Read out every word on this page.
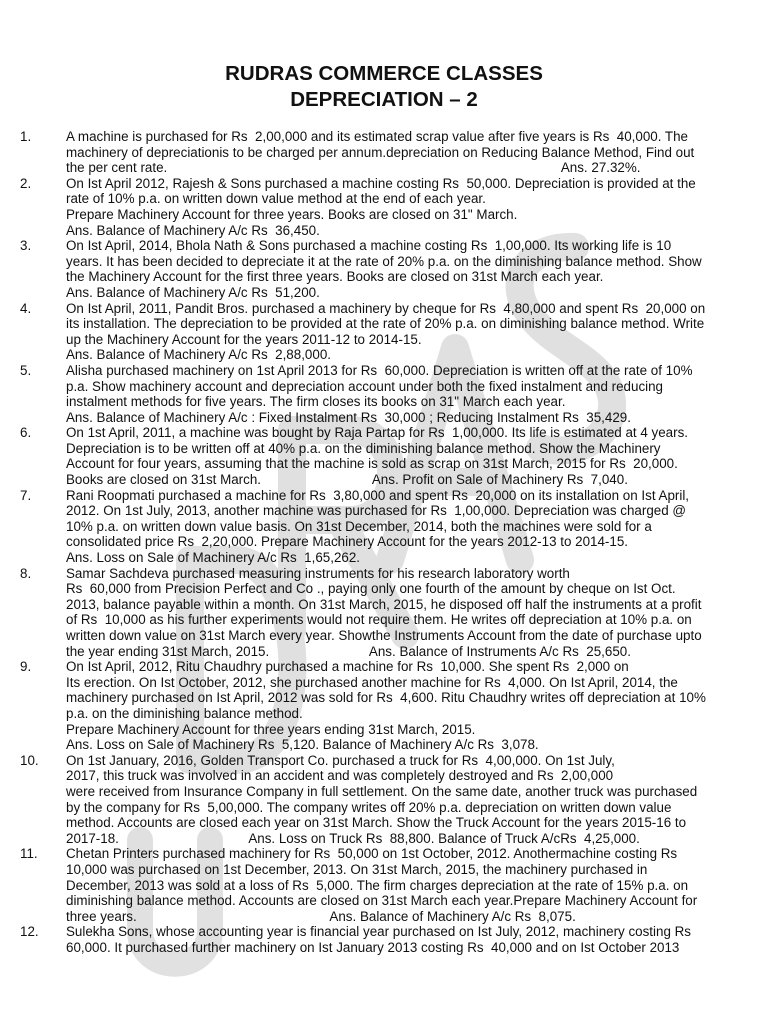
RUDRAS COMMERCE CLASSES
DEPRECIATION – 2
1.	A machine is purchased for Rs  2,00,000 and its estimated scrap value after five years is Rs  40,000. The
machinery of depreciationis to be charged per annum.depreciation on Reducing Balance Method, Find out
the per cent rate.                                                                                                          Ans. 27.32%.
2.	On Ist April 2012, Rajesh & Sons purchased a machine costing Rs  50,000. Depreciation is provided at the
rate of 10% p.a. on written down value method at the end of each year.
Prepare Machinery Account for three years. Books are closed on 31" March.
Ans. Balance of Machinery A/c Rs  36,450.
3.	On Ist April, 2014, Bhola Nath & Sons purchased a machine costing Rs  1,00,000. Its working life is 10
years. It has been decided to depreciate it at the rate of 20% p.a. on the diminishing balance method. Show
the Machinery Account for the first three years. Books are closed on 31st March each year.
Ans. Balance of Machinery A/c Rs  51,200.
4.	On Ist April, 2011, Pandit Bros. purchased a machinery by cheque for Rs  4,80,000 and spent Rs  20,000 on
its installation. The depreciation to be provided at the rate of 20% p.a. on diminishing balance method. Write
up the Machinery Account for the years 2011-12 to 2014-15.
Ans. Balance of Machinery A/c Rs  2,88,000.
5.	Alisha purchased machinery on 1st April 2013 for Rs  60,000. Depreciation is written off at the rate of 10%
p.a. Show machinery account and depreciation account under both the fixed instalment and reducing
instalment methods for five years. The firm closes its books on 31" March each year.
Ans. Balance of Machinery A/c : Fixed Instalment Rs  30,000 ; Reducing Instalment Rs  35,429.
6.	On 1st April, 2011, a machine was bought by Raja Partap for Rs  1,00,000. Its life is estimated at 4 years.
Depreciation is to be written off at 40% p.a. on the diminishing balance method. Show the Machinery
Account for four years, assuming that the machine is sold as scrap on 31st March, 2015 for Rs  20,000.
Books are closed on 31st March.                              Ans. Profit on Sale of Machinery Rs  7,040.
7.	Rani Roopmati purchased a machine for Rs  3,80,000 and spent Rs  20,000 on its installation on Ist April,
2012. On 1st July, 2013, another machine was purchased for Rs  1,00,000. Depreciation was charged @
10% p.a. on written down value basis. On 31st December, 2014, both the machines were sold for a
consolidated price Rs  2,20,000. Prepare Machinery Account for the years 2012-13 to 2014-15.
Ans. Loss on Sale of Machinery A/c Rs  1,65,262.
8.	Samar Sachdeva purchased measuring instruments for his research laboratory worth
Rs  60,000 from Precision Perfect and Co ., paying only one fourth of the amount by cheque on Ist Oct.
2013, balance payable within a month. On 31st March, 2015, he disposed off half the instruments at a profit
of Rs  10,000 as his further experiments would not require them. He writes off depreciation at 10% p.a. on
written down value on 31st March every year. Showthe Instruments Account from the date of purchase upto
the year ending 31st March, 2015.                           Ans. Balance of Instruments A/c Rs  25,650.
9.	On Ist April, 2012, Ritu Chaudhry purchased a machine for Rs  10,000. She spent Rs  2,000 on
Its erection. On Ist October, 2012, she purchased another machine for Rs  4,000. On Ist April, 2014, the
machinery purchased on Ist April, 2012 was sold for Rs  4,600. Ritu Chaudhry writes off depreciation at 10%
p.a. on the diminishing balance method.
Prepare Machinery Account for three years ending 31st March, 2015.
Ans. Loss on Sale of Machinery Rs  5,120. Balance of Machinery A/c Rs  3,078.
10. On 1st January, 2016, Golden Transport Co. purchased a truck for Rs  4,00,000. On 1st July,
2017, this truck was involved in an accident and was completely destroyed and Rs  2,00,000
were received from Insurance Company in full settlement. On the same date, another truck was purchased
by the company for Rs  5,00,000. The company writes off 20% p.a. depreciation on written down value
method. Accounts are closed each year on 31st March. Show the Truck Account for the years 2015-16 to
2017-18.                                   Ans. Loss on Truck Rs  88,800. Balance of Truck A/cRs  4,25,000.
11. Chetan Printers purchased machinery for Rs  50,000 on 1st October, 2012. Anothermachine costing Rs
10,000 was purchased on 1st December, 2013. On 31st March, 2015, the machinery purchased in
December, 2013 was sold at a loss of Rs  5,000. The firm charges depreciation at the rate of 15% p.a. on
diminishing balance method. Accounts are closed on 31st March each year.Prepare Machinery Account for
three years.                                                    Ans. Balance of Machinery A/c Rs  8,075.
12. Sulekha Sons, whose accounting year is financial year purchased on Ist July, 2012, machinery costing Rs
60,000. It purchased further machinery on Ist January 2013 costing Rs  40,000 and on Ist October 2013
